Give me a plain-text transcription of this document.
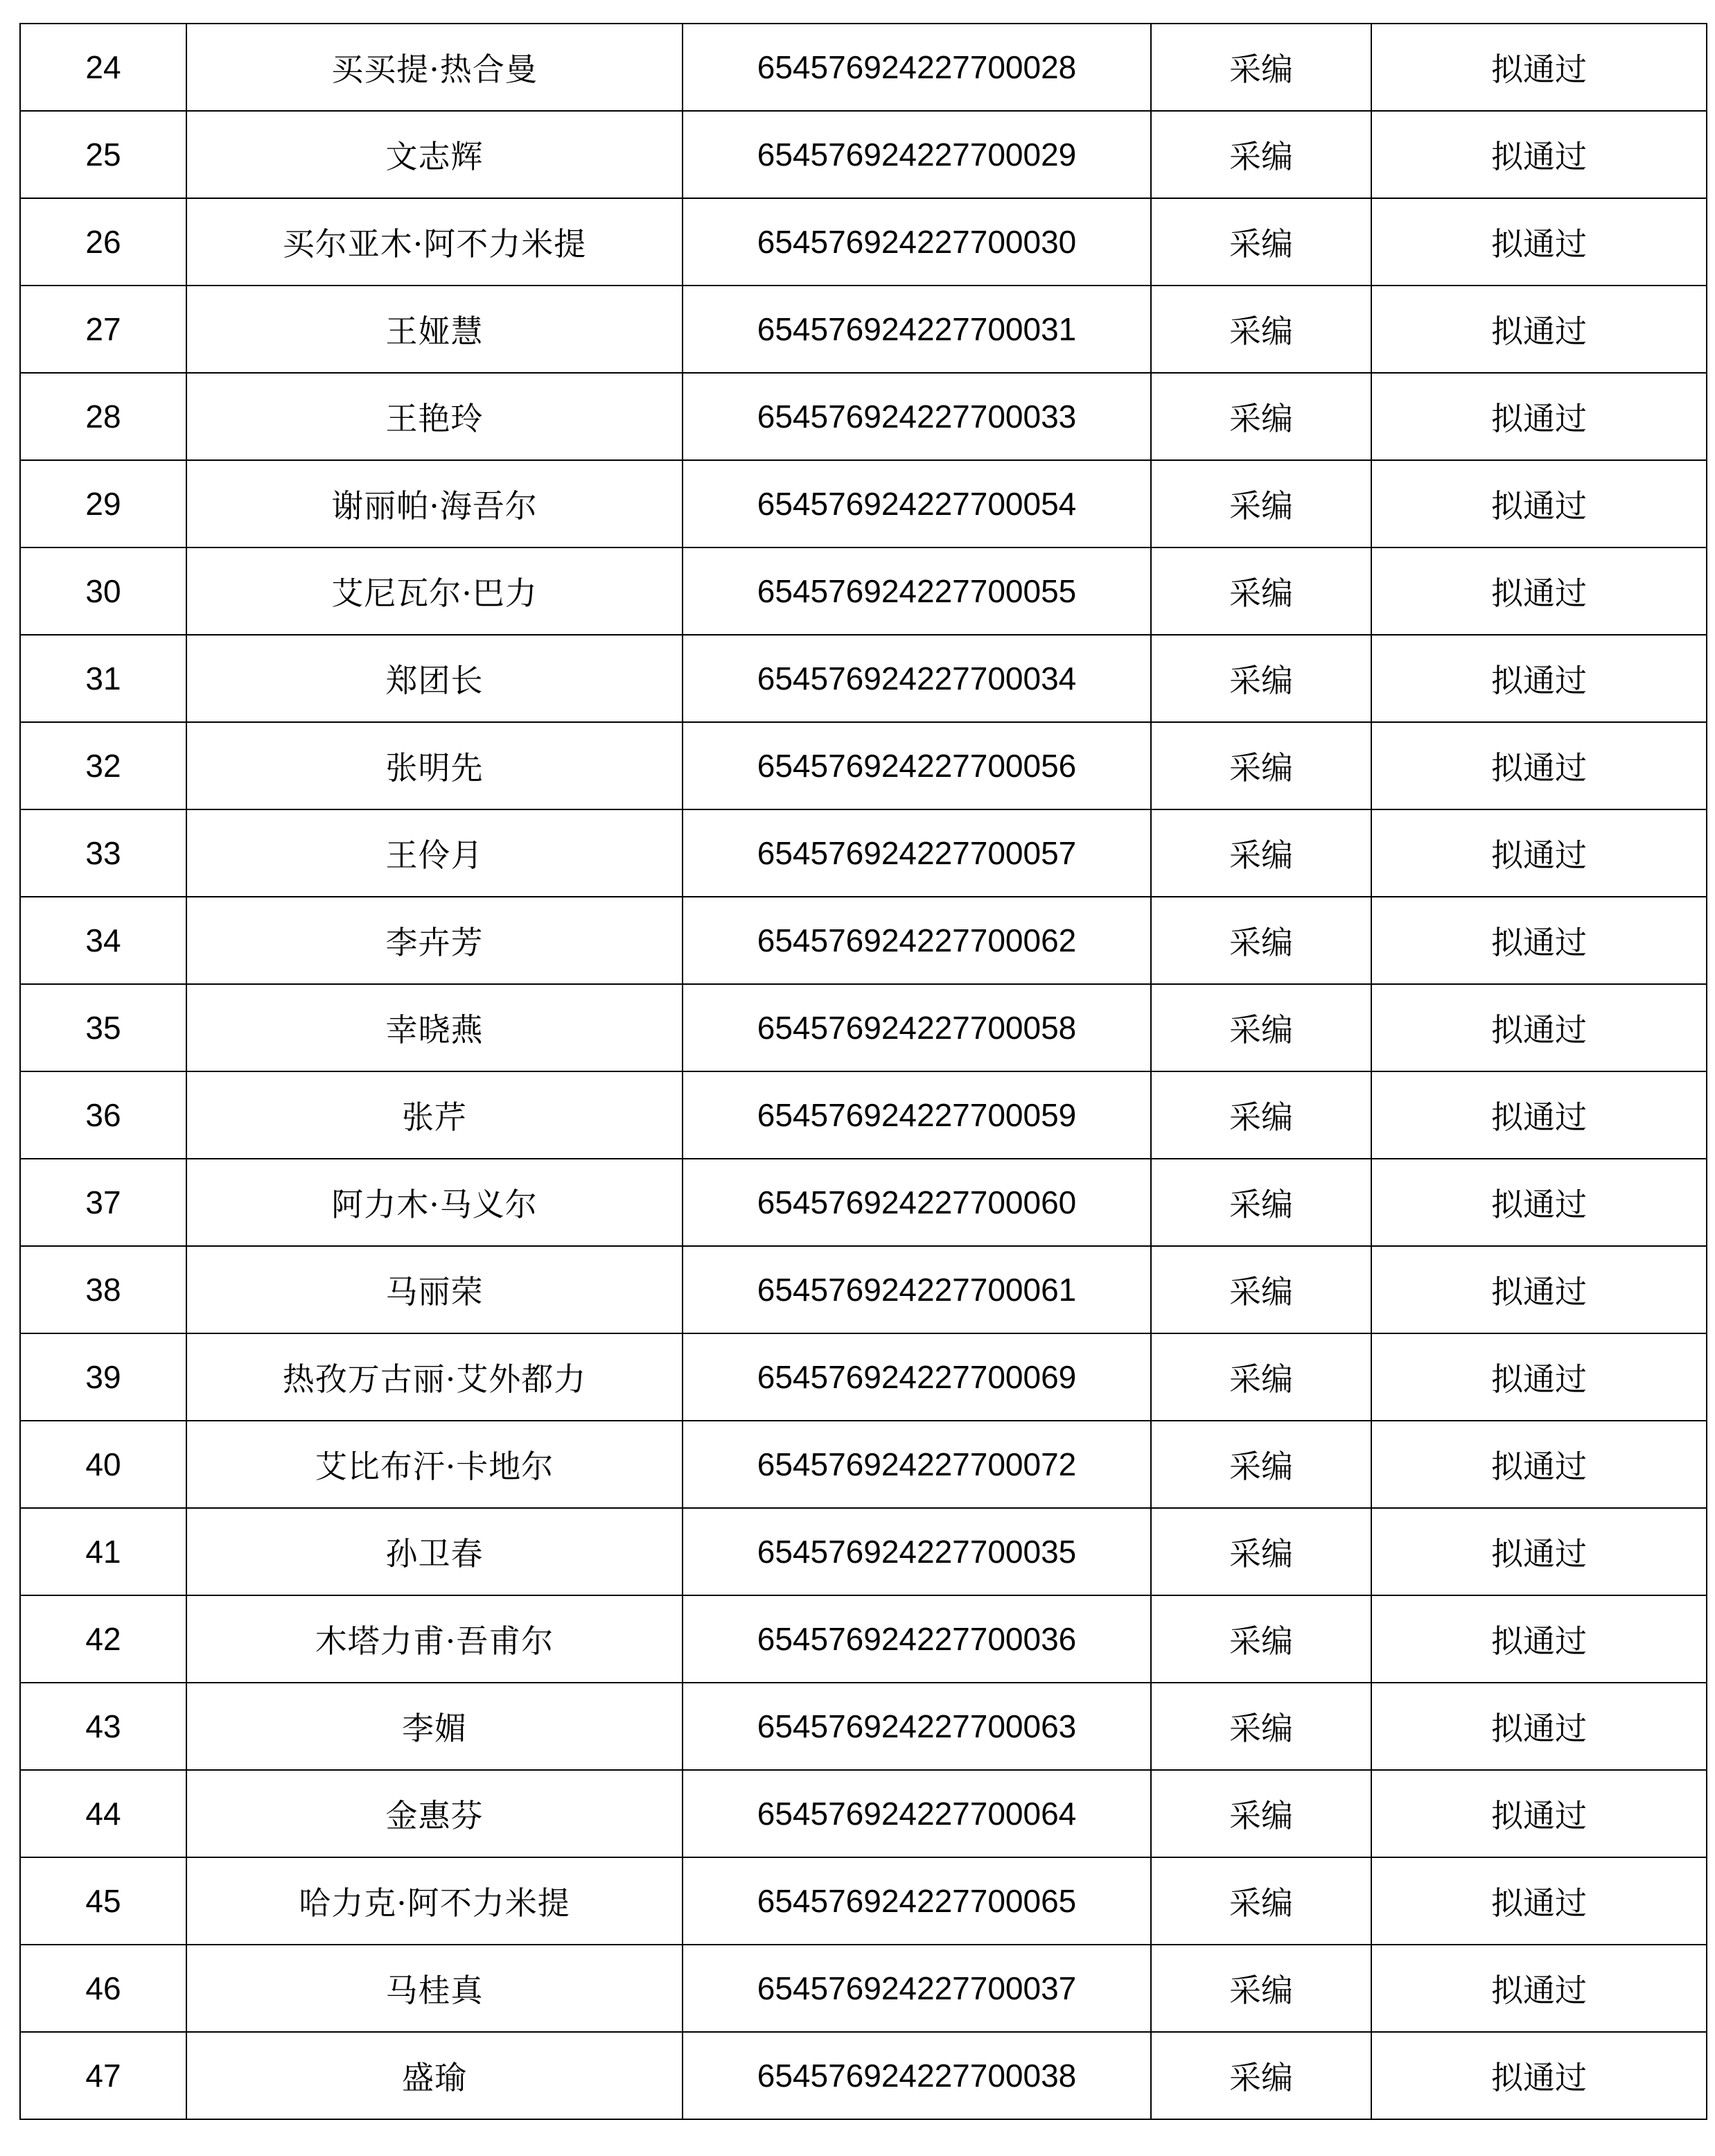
24	买买提·热合曼	654576924227700028	采编	拟通过
25	文志辉	654576924227700029	采编	拟通过
26	买尔亚木·阿不力米提	654576924227700030	采编	拟通过
27	王娅慧	654576924227700031	采编	拟通过
28	王艳玲	654576924227700033	采编	拟通过
29	谢丽帕·海吾尔	654576924227700054	采编	拟通过
30	艾尼瓦尔·巴力	654576924227700055	采编	拟通过
31	郑团长	654576924227700034	采编	拟通过
32	张明先	654576924227700056	采编	拟通过
33	王伶月	654576924227700057	采编	拟通过
34	李卉芳	654576924227700062	采编	拟通过
35	幸晓燕	654576924227700058	采编	拟通过
36	张芹	654576924227700059	采编	拟通过
37	阿力木·马义尔	654576924227700060	采编	拟通过
38	马丽荣	654576924227700061	采编	拟通过
39	热孜万古丽·艾外都力	654576924227700069	采编	拟通过
40	艾比布汗·卡地尔	654576924227700072	采编	拟通过
41	孙卫春	654576924227700035	采编	拟通过
42	木塔力甫·吾甫尔	654576924227700036	采编	拟通过
43	李媚	654576924227700063	采编	拟通过
44	金惠芬	654576924227700064	采编	拟通过
45	哈力克·阿不力米提	654576924227700065	采编	拟通过
46	马桂真	654576924227700037	采编	拟通过
47	盛瑜	654576924227700038	采编	拟通过
